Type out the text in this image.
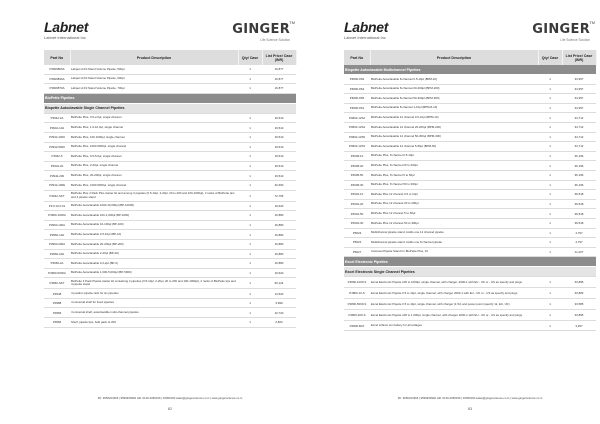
Labnet
Labnet International Inc
GINGER TM
Life Science Solution
Part No	Product Description	Qty/ Case	List Price/ Case (INR)
P3906800A	Labpet Hi Fil Stand Volume Pipette, 500µl	1	16,877
P3906830A	Labpet Hi Fil Stand Volume Pipette, 600µl	1	16,877
P3906870A	Labpet Hi Fil Stand Volume Pipette, 700µl	1	16,877
BioPette Pipettes			
Biopette Autoclavable Single Channel Pipettes			
P3942-2A	BioPette Plus, 0.5-2.0µl, single channel	1	19,510
P3942-10A	BioPette Plus, 1.0-10.0µl, single channel	1	19,510
P3942-1000	BioPette Plus, 100-1000µl, single channel	1	19,510
P3942-5000	BioPette Plus, 1000-5000µl, single channel	1	19,510
P3942-5	BioPette Plus, 0.5-5.0µl, single channel	1	19,510
P3942-20	BioPette Plus, 2-20µl, single channel	1	19,510
P3942-200	BioPette Plus, 20-200µl, single channel	1	19,510
P3942-100E	BioPette Plus, 1000-5000µl, single channel	1	20,390
P3942-SKT	BioPette Plus 4 Pack Plus starter kit and among 4 pipettes (0.5-10µl, 2-20µl, 20 to 200 and 100-1000µl), 2 racks of BioPette tips and 4 pipette stand	1	72,765
P3.9.10.0.01	BioPette Autoclavable 1000-10,000µl (BP-10000)	1	19,620
P3960-1000A	BioPette Autoclavable 100-1,000µl (BP-1000)	1	16,880
P3960-100A	BioPette Autoclavable 10-100µl (BP-100)	1	16,880
P3960-10A	BioPette Autoclavable 0.5-10µl (BP-10)	1	16,880
P3960-200A	BioPette Autoclavable 20-200µl (BP-200)	1	16,880
P3960-20A	BioPette Autoclavable 2-20µl (BP-20)	1	16,880
P3960-2A	BioPette Autoclavable 0.2-2µl (BP-2)	1	16,880
P3960-5000A	BioPette Autoclavable 1,000-5,000µl (BP-5000)	1	19,620
P3960-SKT	BioPette 4 Pack Pipette starter kit containing 4 pipettes (0.5-10µl, 2-20µl, 20 to 200 and 100-1000µl), 2 racks of BioPette tips and 4 pipette stand	1	60,124
P3948	4 position pipette rack for six pipettes	1	13,520
P3988	4 universal shelf for fixed pipettes	1	3,999
P3983	4 universal shelf, autoclavable multi-channel pipettes	1	10,720
P3984	Shelf, pipette tips, bulk pack of 200	1	2,822
Ph: 9650224366 | 9599930902 HR: 0129-2650196 | 26050190 sales@gingerscience.co.in | www.gingerscience.co.in
82
Labnet
Labnet International Inc
GINGER TM
Life Science Solution
Part No	Product Description	Qty/ Case	List Price/ Case (INR)
Biopette Autoclavable Multichannel Pipettes			
P4800-8S2	BioPette Autoclavable 8-channel 0.5-10µl (BPM-10)	1	34,957
P4800-8S4	BioPette Autoclavable 8-channel 20-200µl (BPM-200)	1	34,957
P4800-8S5	BioPette Autoclavable 8-channel 50-300µl (BPM-300)	1	34,957
P4800-8S1	BioPette Autoclavable 8-channel 1-10µl (BPM-8-10)	1	34,957
P4802-12S2	BioPette Autoclavable 12 channel 0.5-10µl (BPM-10)	1	34,712
P4802-12S4	BioPette Autoclavable 12 channel 20-200µl (BPM-200)	1	34,712
P4802-12S5	BioPette Autoclavable 12 channel 50-300µl (BPM-300)	1	34,712
P4802-12S3	BioPette Autoclavable 12 channel 5-50µl (BPM-50)	1	34,712
P4938-10	BioPette Plus, 8 channel 0.5-10µl	1	36,196
P4938-20	BioPette Plus, 8 channel 20 to 200µl	1	36,196
P4938-50	BioPette Plus, 8 channel 5 to 50µl	1	36,196
P4938-30	BioPette Plus, 8 channel 50 to 300µl	1	36,196
P4932-10	BioPette Plus 12 channel 0.5 to 10µl	1	39,518
P4932-20	BioPette Plus 12 channel 20 to 200µl	1	39,518
P4932-50	BioPette Plus 12 channel 5 to 50µl	1	39,518
P4932-30	BioPette Plus 12 channel 50 to 300µl	1	39,518
P5623	Multichannel pipette stand, Holds one 12 channel pipette	1	4,797
P5624	Multichannel pipette stand, Holds one 8 channel pipette	1	4,797
P5627	Carousel Pipette Stand for BioPette Plus, 10	1	11,207
Excel Electronic Pipettes			
Excel Electronic Single Channel Pipettes			
P4800-1000-S	Excel Electronic Pipette 100 to 1000µl, single channel, with charger, 2000-1 with EU - UK or - US as specify and plugs	1	33,895
P4800-10-S	Excel Electronic Pipette 0.5 to 10µl, single channel, with charger 2000-1 with EU - UK or - US as specify and plugs	1	33,883
P4800-5000-S	Excel Electronic Pipette 0.5 to 10µl, single channel, with charger (1.5x) and power point (specify 1k, EU, UK)	1	33,585
P4800-200-S	Excel Electronic Pipette 100 to 1,000µl, single channel, with charger 2000-1 with EU - UK or - US as specify and plugs	1	33,895
P4800-BAT	Excel Lithium ion battery for all voltages	1	3,257
Ph: 9650224366 | 9599930902 HR: 0129-2650196 | 26050190 sales@gingerscience.co.in | www.gingerscience.co.in
83
